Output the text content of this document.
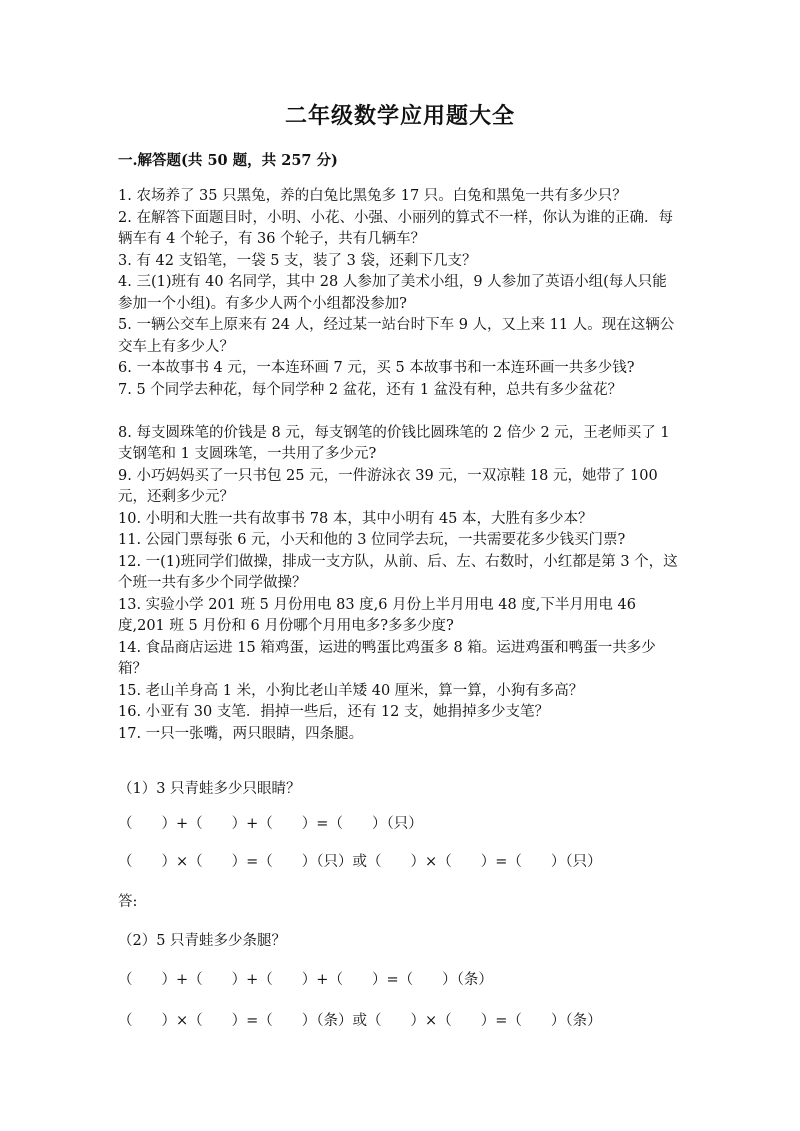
二年级数学应用题大全
一.解答题(共 50 题，共 257 分)

1. 农场养了 35 只黑兔，养的白兔比黑兔多 17 只。白兔和黑兔一共有多少只？

2. 在解答下面题目时，小明、小花、小强、小丽列的算式不一样，你认为谁的正确．每辆车有 4 个轮子，有 36 个轮子，共有几辆车？

3. 有 42 支铅笔，一袋 5 支，装了 3 袋，还剩下几支？

4. 三(1)班有 40 名同学，其中 28 人参加了美术小组，9 人参加了英语小组(每人只能参加一个小组)。有多少人两个小组都没参加?

5. 一辆公交车上原来有 24 人，经过某一站台时下车 9 人，又上来 11 人。现在这辆公交车上有多少人？

6. 一本故事书 4 元，一本连环画 7 元，买 5 本故事书和一本连环画一共多少钱?

7. 5 个同学去种花，每个同学种 2 盆花，还有 1 盆没有种，总共有多少盆花？

8. 每支圆珠笔的价钱是 8 元，每支钢笔的价钱比圆珠笔的 2 倍少 2 元，王老师买了 1 支钢笔和 1 支圆珠笔，一共用了多少元?

9. 小巧妈妈买了一只书包 25 元，一件游泳衣 39 元，一双凉鞋 18 元，她带了 100 元，还剩多少元？

10. 小明和大胜一共有故事书 78 本，其中小明有 45 本，大胜有多少本？

11. 公园门票每张 6 元，小天和他的 3 位同学去玩，一共需要花多少钱买门票?

12. 一(1)班同学们做操，排成一支方队，从前、后、左、右数时，小红都是第 3 个，这个班一共有多少个同学做操？

13. 实验小学 201 班 5 月份用电 83 度,6 月份上半月用电 48 度,下半月用电 46 度,201 班 5 月份和 6 月份哪个月用电多?多多少度?

14. 食品商店运进 15 箱鸡蛋，运进的鸭蛋比鸡蛋多 8 箱。运进鸡蛋和鸭蛋一共多少箱？

15. 老山羊身高 1 米，小狗比老山羊矮 40 厘米，算一算，小狗有多高？

16. 小亚有 30 支笔．捐掉一些后，还有 12 支，她捐掉多少支笔？

17. 一只一张嘴，两只眼睛，四条腿。

（1）3 只青蛙多少只眼睛？
（　　）+（　　）+（　　）=（　　）（只）
（　　）×（　　）=（　　）（只）或（　　）×（　　）=（　　）（只）
答:
（2）5 只青蛙多少条腿？
（　　）+（　　）+（　　）+（　　）=（　　）（条）
（　　）×（　　）=（　　）（条）或（　　）×（　　）=（　　）（条）
